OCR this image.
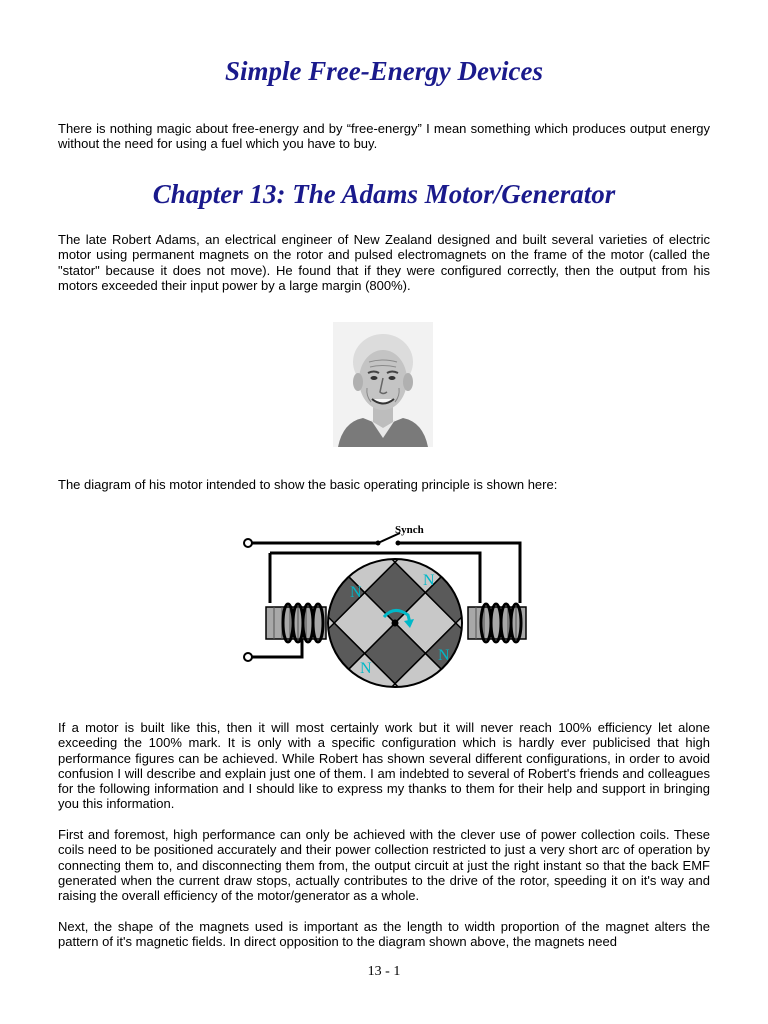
Simple Free-Energy Devices

There is nothing magic about free-energy and by “free-energy” I mean something which produces output energy without the need for using a fuel which you have to buy.

Chapter 13: The Adams Motor/Generator

The late Robert Adams, an electrical engineer of New Zealand designed and built several varieties of electric motor using permanent magnets on the rotor and pulsed electromagnets on the frame of the motor (called the "stator" because it does not move). He found that if they were configured correctly, then the output from his motors exceeded their input power by a large margin (800%).

The diagram of his motor intended to show the basic operating principle is shown here:

Synch
N
N
N
N

If a motor is built like this, then it will most certainly work but it will never reach 100% efficiency let alone exceeding the 100% mark. It is only with a specific configuration which is hardly ever publicised that high performance figures can be achieved. While Robert has shown several different configurations, in order to avoid confusion I will describe and explain just one of them. I am indebted to several of Robert's friends and colleagues for the following information and I should like to express my thanks to them for their help and support in bringing you this information.

First and foremost, high performance can only be achieved with the clever use of power collection coils. These coils need to be positioned accurately and their power collection restricted to just a very short arc of operation by connecting them to, and disconnecting them from, the output circuit at just the right instant so that the back EMF generated when the current draw stops, actually contributes to the drive of the rotor, speeding it on it's way and raising the overall efficiency of the motor/generator as a whole.

Next, the shape of the magnets used is important as the length to width proportion of the magnet alters the pattern of it's magnetic fields. In direct opposition to the diagram shown above, the magnets need

13 - 1
